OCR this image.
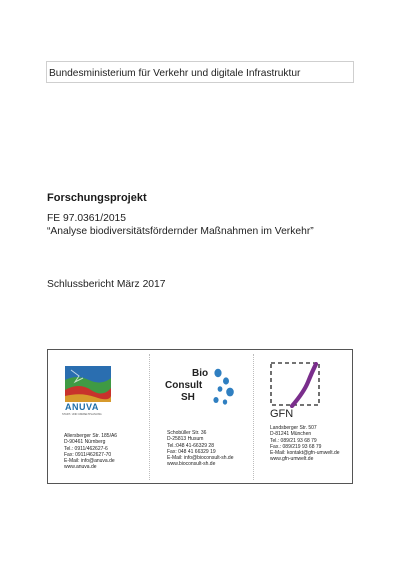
Bundesministerium für Verkehr und digitale Infrastruktur
Forschungsprojekt
FE 97.0361/2015
“Analyse biodiversitätsfördernder Maßnahmen im Verkehr”
Schlussbericht März 2017
ANUVA
STADT- UND UMWELTPLANUNG
Allersberger Str. 185/A6
D-90461 Nürnberg
Tel.: 0911/462627-6
Fax: 0911/462627-70
E-Mail: info@anuva.de
www.anuva.de
Bio
Consult
SH
Schobüller Str. 36
D-25813 Husum
Tel.:048 41-66329 28
Fax: 048 41 66329 19
E-Mail: info@bioconsult-sh.de
www.bioconsult-sh.de
GFN
Landsberger Str. 507
D-81241 München
Tel.: 089/21 93 68 79
Fax.: 089/219 93 68 79
E-Mail: kontakt@gfn-umwelt.de
www.gfn-umwelt.de
